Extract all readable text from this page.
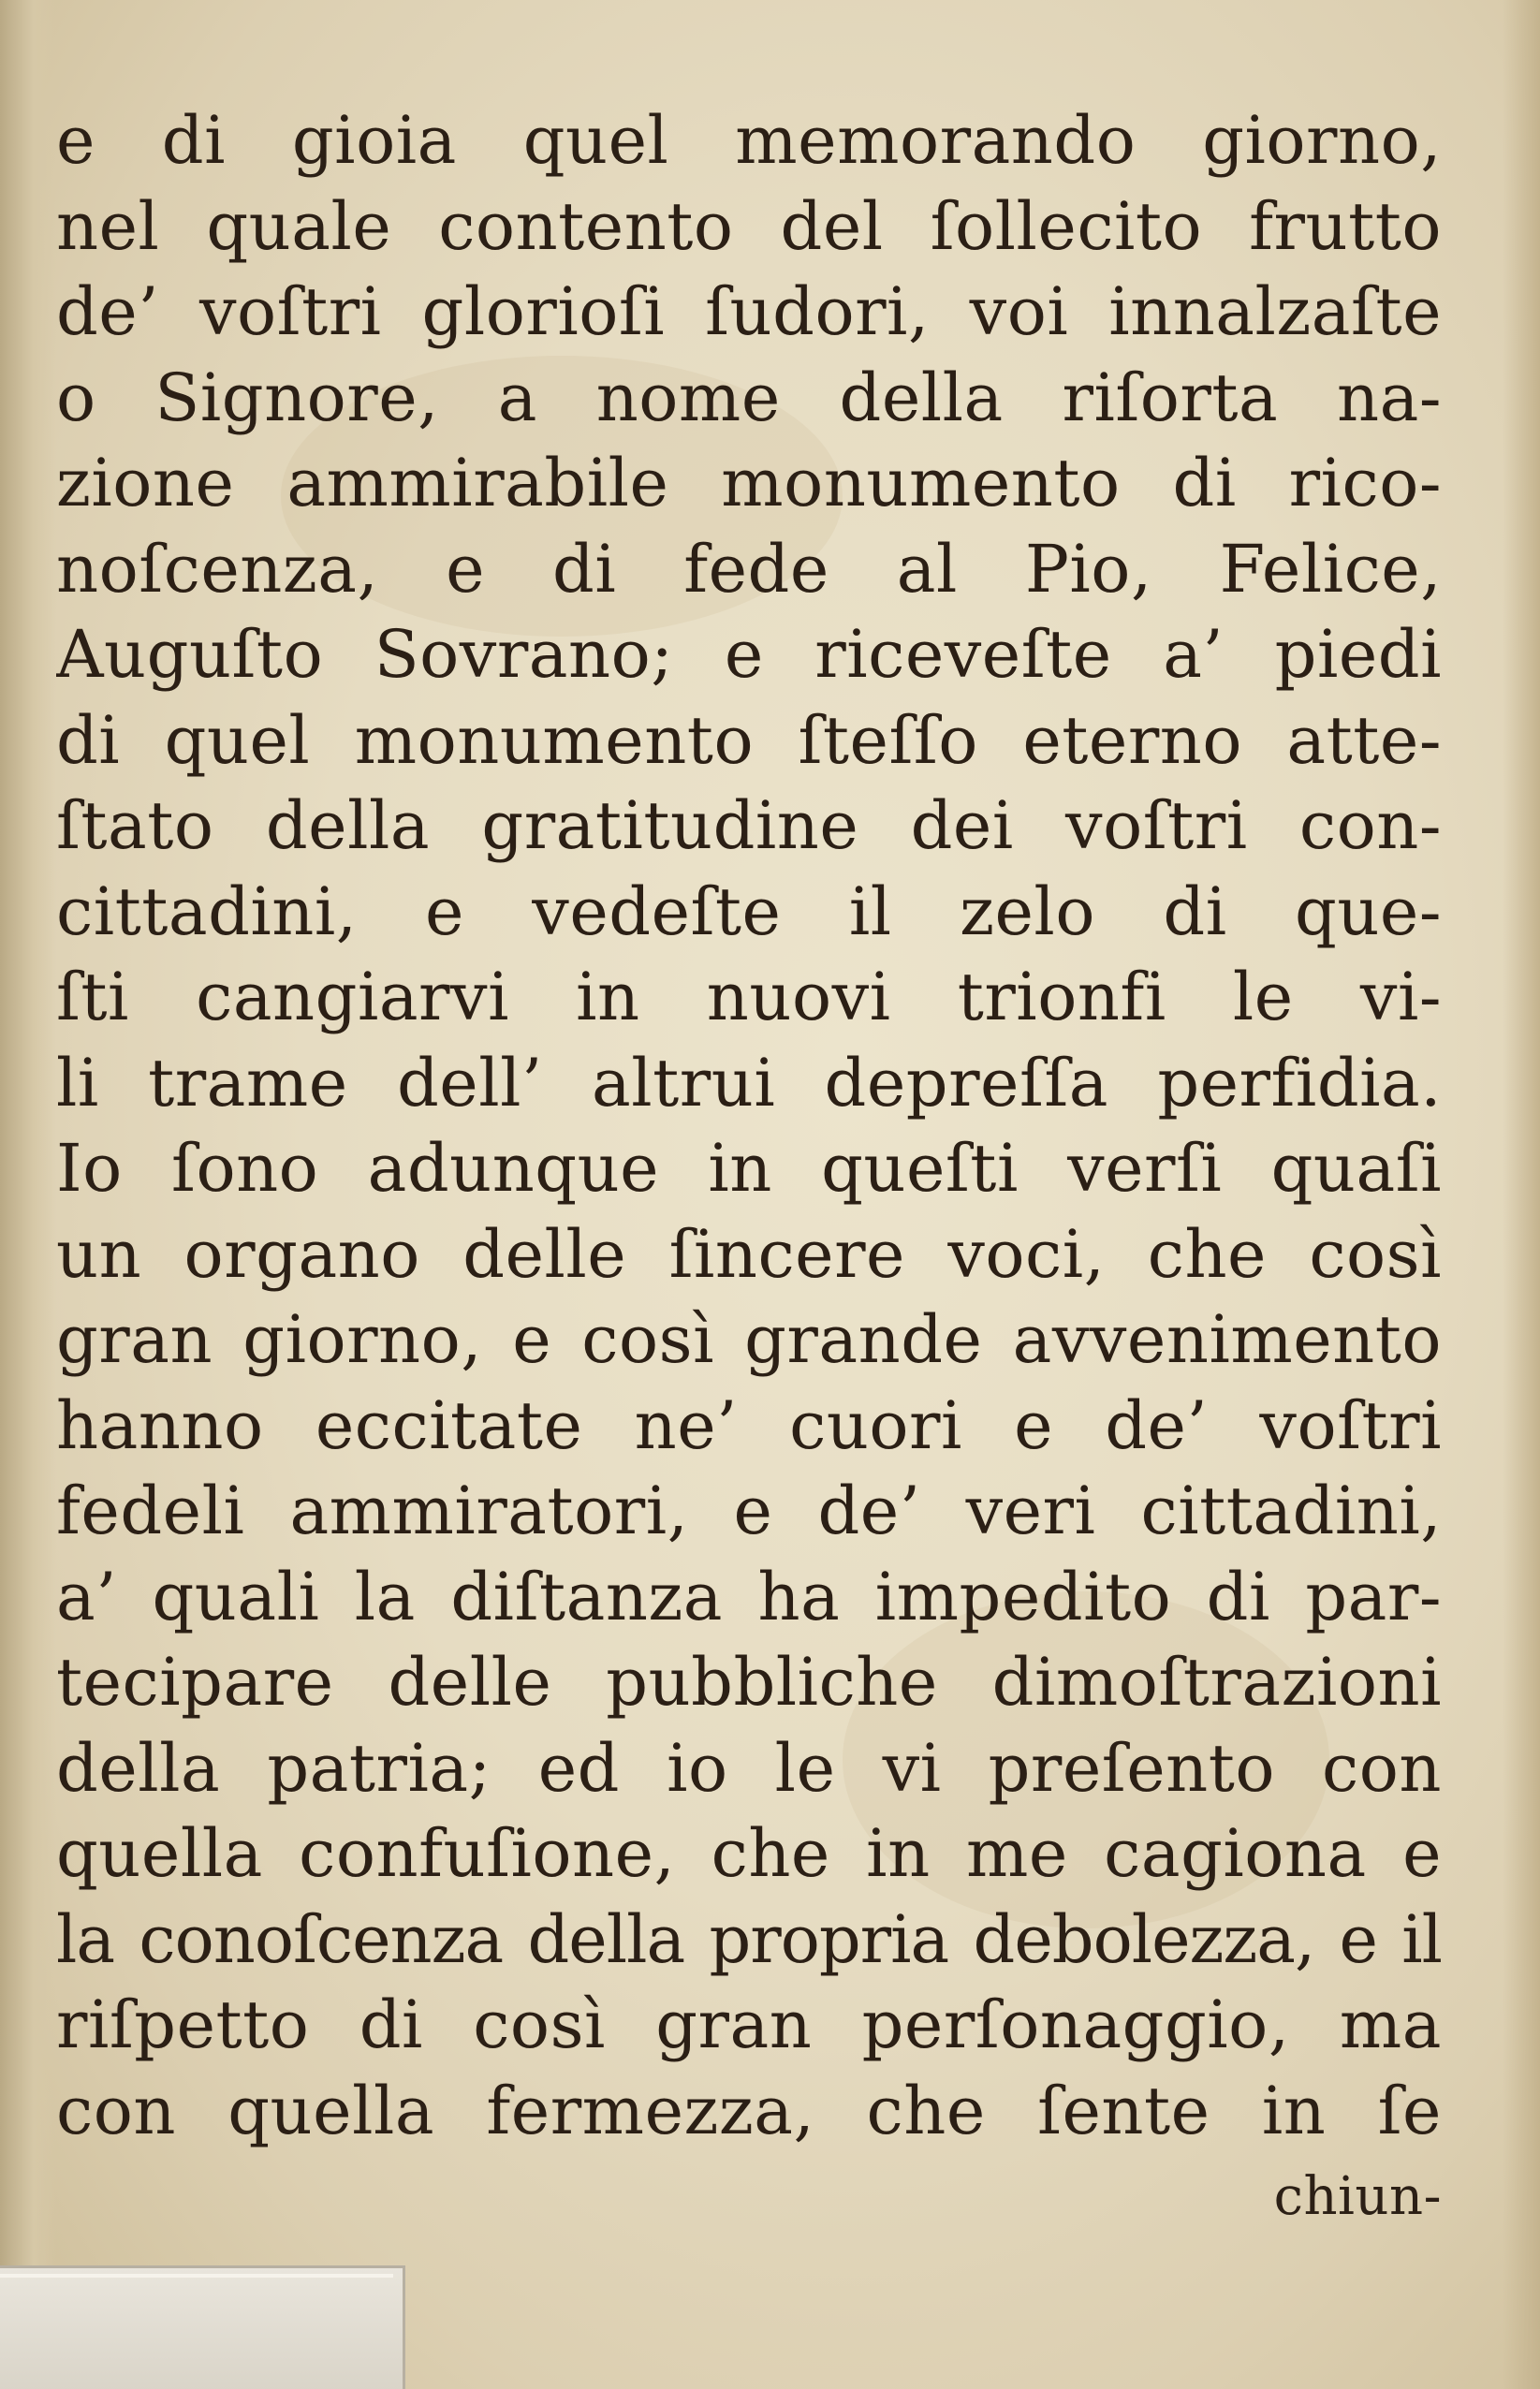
e di gioia quel memorando giorno,
nel quale contento del ſollecito frutto
de’ voſtri glorioſi ſudori, voi innalzaſte
o Signore, a nome della riſorta na-
zione ammirabile monumento di rico-
noſcenza, e di fede al Pio, Felice,
Auguſto Sovrano; e riceveſte a’ piedi
di quel monumento ſteſſo eterno atte-
ſtato della gratitudine dei voſtri con-
cittadini, e vedeſte il zelo di que-
ſti cangiarvi in nuovi trionfi le vi-
li trame dell’ altrui depreſſa perfidia.
Io ſono adunque in queſti verſi quaſi
un organo delle ſincere voci, che così
gran giorno, e così grande avvenimento
hanno eccitate ne’ cuori e de’ voſtri
fedeli ammiratori, e de’ veri cittadini,
a’ quali la diſtanza ha impedito di par-
tecipare delle pubbliche dimoſtrazioni
della patria; ed io le vi preſento con
quella confuſione, che in me cagiona e
la conoſcenza della propria debolezza, e il
riſpetto di così gran perſonaggio, ma
con quella fermezza, che ſente in ſe
chiun-
